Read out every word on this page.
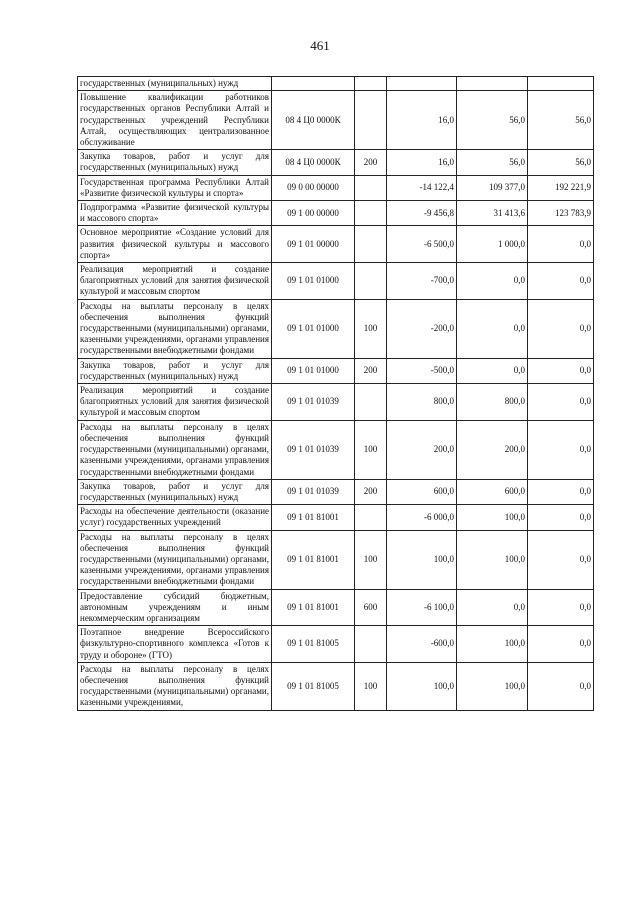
461
государственных (муниципальных) нужд					
Повышение квалификации работников государственных органов Республики Алтай и государственных учреждений Республики Алтай, осуществляющих централизованное обслуживание	08 4 Ц0 0000К		16,0	56,0	56,0
Закупка товаров, работ и услуг для государственных (муниципальных) нужд	08 4 Ц0 0000К	200	16,0	56,0	56,0
Государственная программа Республики Алтай «Развитие физической культуры и спорта»	09 0 00 00000		-14 122,4	109 377,0	192 221,9
Подпрограмма «Развитие физической культуры и массового спорта»	09 1 00 00000		-9 456,8	31 413,6	123 783,9
Основное мероприятие «Создание условий для развития физической культуры и массового спорта»	09 1 01 00000		-6 500,0	1 000,0	0,0
Реализация мероприятий и создание благоприятных условий для занятия физической культурой и массовым спортом	09 1 01 01000		-700,0	0,0	0,0
Расходы на выплаты персоналу в целях обеспечения выполнения функций государственными (муниципальными) органами, казенными учреждениями, органами управления государственными внебюджетными фондами	09 1 01 01000	100	-200,0	0,0	0,0
Закупка товаров, работ и услуг для государственных (муниципальных) нужд	09 1 01 01000	200	-500,0	0,0	0,0
Реализация мероприятий и создание благоприятных условий для занятия физической культурой и массовым спортом	09 1 01 01039		800,0	800,0	0,0
Расходы на выплаты персоналу в целях обеспечения выполнения функций государственными (муниципальными) органами, казенными учреждениями, органами управления государственными внебюджетными фондами	09 1 01 01039	100	200,0	200,0	0,0
Закупка товаров, работ и услуг для государственных (муниципальных) нужд	09 1 01 01039	200	600,0	600,0	0,0
Расходы на обеспечение деятельности (оказание услуг) государственных учреждений	09 1 01 81001		-6 000,0	100,0	0,0
Расходы на выплаты персоналу в целях обеспечения выполнения функций государственными (муниципальными) органами, казенными учреждениями, органами управления государственными внебюджетными фондами	09 1 01 81001	100	100,0	100,0	0,0
Предоставление субсидий бюджетным, автономным учреждениям и иным некоммерческим организациям	09 1 01 81001	600	-6 100,0	0,0	0,0
Поэтапное внедрение Всероссийского физкультурно-спортивного комплекса «Готов к труду и обороне» (ГТО)	09 1 01 81005		-600,0	100,0	0,0
Расходы на выплаты персоналу в целях обеспечения выполнения функций государственными (муниципальными) органами, казенными учреждениями,	09 1 01 81005	100	100,0	100,0	0,0
